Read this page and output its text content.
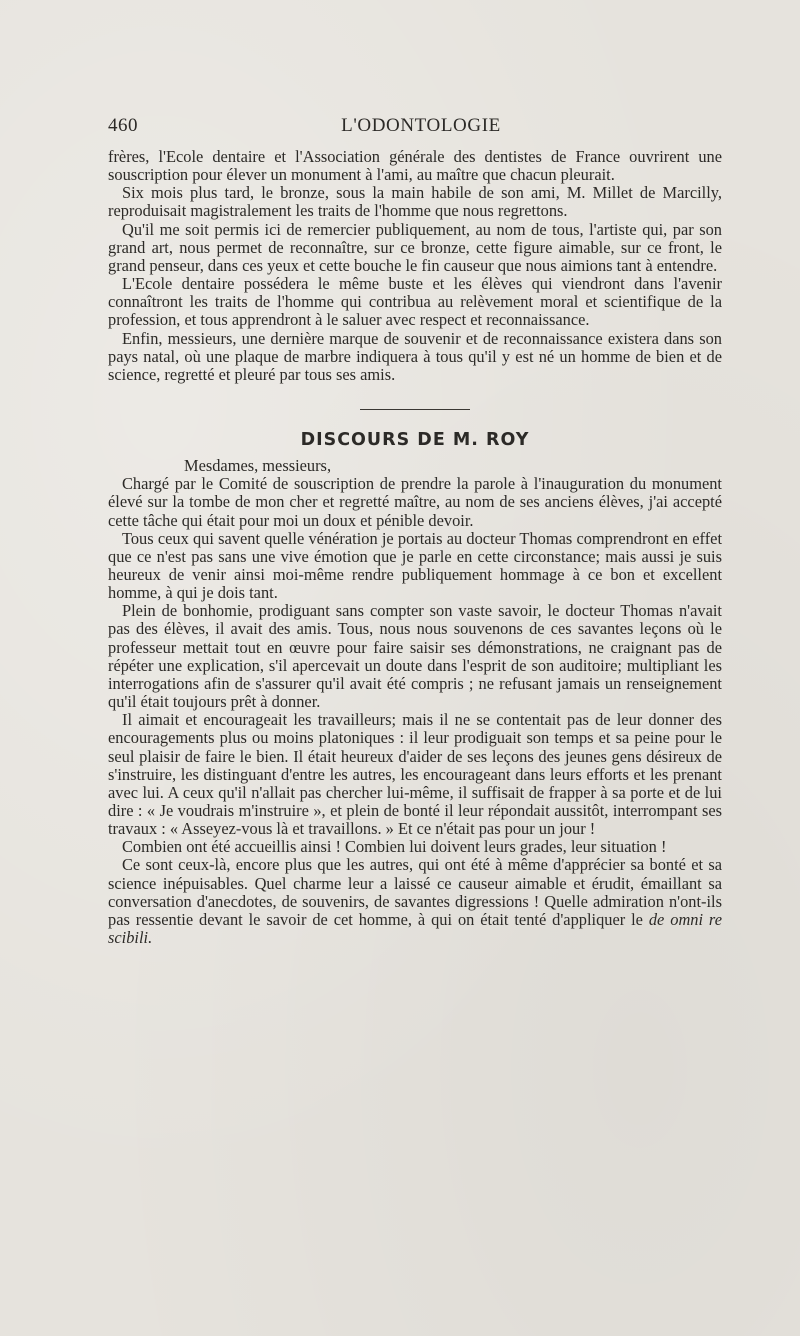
460	L'ODONTOLOGIE

frères, l'Ecole dentaire et l'Association générale des dentistes de France ouvrirent une souscription pour élever un monument à l'ami, au maître que chacun pleurait.

Six mois plus tard, le bronze, sous la main habile de son ami, M. Millet de Marcilly, reproduisait magistralement les traits de l'homme que nous regrettons.

Qu'il me soit permis ici de remercier publiquement, au nom de tous, l'artiste qui, par son grand art, nous permet de reconnaître, sur ce bronze, cette figure aimable, sur ce front, le grand penseur, dans ces yeux et cette bouche le fin causeur que nous aimions tant à entendre.

L'Ecole dentaire possédera le même buste et les élèves qui viendront dans l'avenir connaîtront les traits de l'homme qui contribua au relèvement moral et scientifique de la profession, et tous apprendront à le saluer avec respect et reconnaissance.

Enfin, messieurs, une dernière marque de souvenir et de reconnaissance existera dans son pays natal, où une plaque de marbre indiquera à tous qu'il y est né un homme de bien et de science, regretté et pleuré par tous ses amis.

DISCOURS DE M. ROY

Mesdames, messieurs,

Chargé par le Comité de souscription de prendre la parole à l'inauguration du monument élevé sur la tombe de mon cher et regretté maître, au nom de ses anciens élèves, j'ai accepté cette tâche qui était pour moi un doux et pénible devoir.

Tous ceux qui savent quelle vénération je portais au docteur Thomas comprendront en effet que ce n'est pas sans une vive émotion que je parle en cette circonstance; mais aussi je suis heureux de venir ainsi moi-même rendre publiquement hommage à ce bon et excellent homme, à qui je dois tant.

Plein de bonhomie, prodiguant sans compter son vaste savoir, le docteur Thomas n'avait pas des élèves, il avait des amis. Tous, nous nous souvenons de ces savantes leçons où le professeur mettait tout en œuvre pour faire saisir ses démonstrations, ne craignant pas de répéter une explication, s'il apercevait un doute dans l'esprit de son auditoire; multipliant les interrogations afin de s'assurer qu'il avait été compris ; ne refusant jamais un renseignement qu'il était toujours prêt à donner.

Il aimait et encourageait les travailleurs; mais il ne se contentait pas de leur donner des encouragements plus ou moins platoniques : il leur prodiguait son temps et sa peine pour le seul plaisir de faire le bien. Il était heureux d'aider de ses leçons des jeunes gens désireux de s'instruire, les distinguant d'entre les autres, les encourageant dans leurs efforts et les prenant avec lui. A ceux qu'il n'allait pas chercher lui-même, il suffisait de frapper à sa porte et de lui dire : « Je voudrais m'instruire », et plein de bonté il leur répondait aussitôt, interrompant ses travaux : « Asseyez-vous là et travaillons. » Et ce n'était pas pour un jour !

Combien ont été accueillis ainsi ! Combien lui doivent leurs grades, leur situation !

Ce sont ceux-là, encore plus que les autres, qui ont été à même d'apprécier sa bonté et sa science inépuisables. Quel charme leur a laissé ce causeur aimable et érudit, émaillant sa conversation d'anecdotes, de souvenirs, de savantes digressions ! Quelle admiration n'ont-ils pas ressentie devant le savoir de cet homme, à qui on était tenté d'appliquer le de omni re scibili.
